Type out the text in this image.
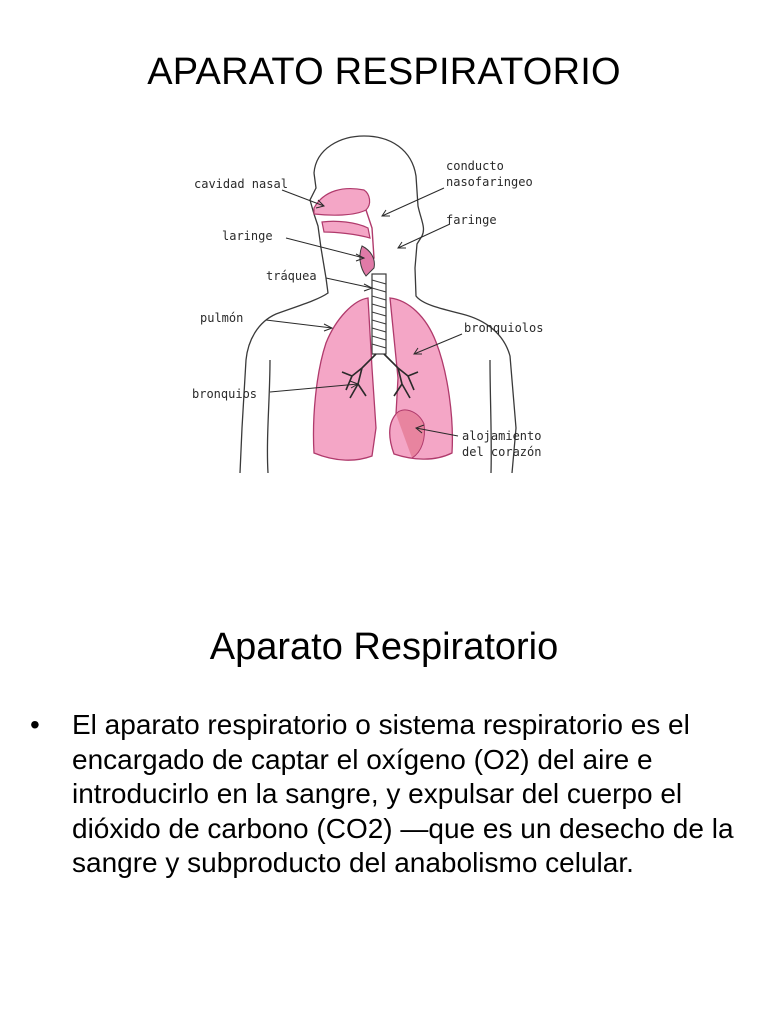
APARATO RESPIRATORIO
cavidad nasal
conducto
nasofaringeo
faringe
laringe
tráquea
pulmón
bronquiolos
bronquios
alojamiento
del corazón
Aparato Respiratorio
• El aparato respiratorio o sistema respiratorio es el encargado de captar el oxígeno (O2) del aire e introducirlo en la sangre, y expulsar del cuerpo el dióxido de carbono (CO2) —que es un desecho de la sangre y subproducto del anabolismo celular.
